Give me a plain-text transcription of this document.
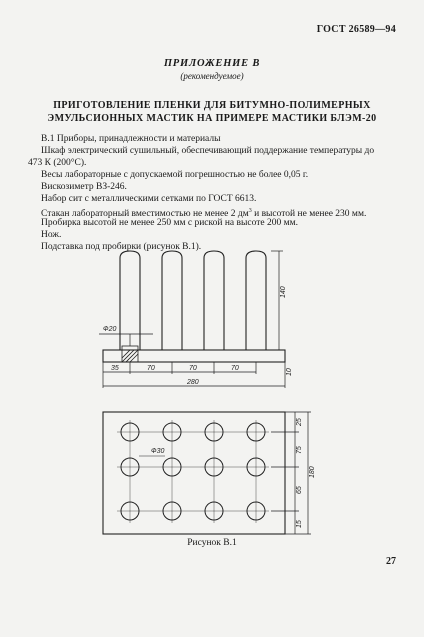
ГОСТ 26589—94
ПРИЛОЖЕНИЕ В
(рекомендуемое)
ПРИГОТОВЛЕНИЕ ПЛЕНКИ ДЛЯ БИТУМНО-ПОЛИМЕРНЫХ
ЭМУЛЬСИОННЫХ МАСТИК НА ПРИМЕРЕ МАСТИКИ БЛЭМ-20
В.1 Приборы, принадлежности и материалы
Шкаф электрический сушильный, обеспечивающий поддержание температуры до
473 К (200°С).
Весы лабораторные с допускаемой погрешностью не более 0,05 г.
Вискозиметр ВЗ-246.
Набор сит с металлическими сетками по ГОСТ 6613.
Стакан лабораторный вместимостью не менее 2 $дм^3$ и высотой не менее 230 мм.
Пробирка высотой не менее 250 мм с риской на высоте 200 мм.
Нож.
Подставка под пробирки (рисунок В.1).
Ф20
140
10
35	70	70	70
280
Ф30
25
75
180
65
15
Рисунок В.1
27
